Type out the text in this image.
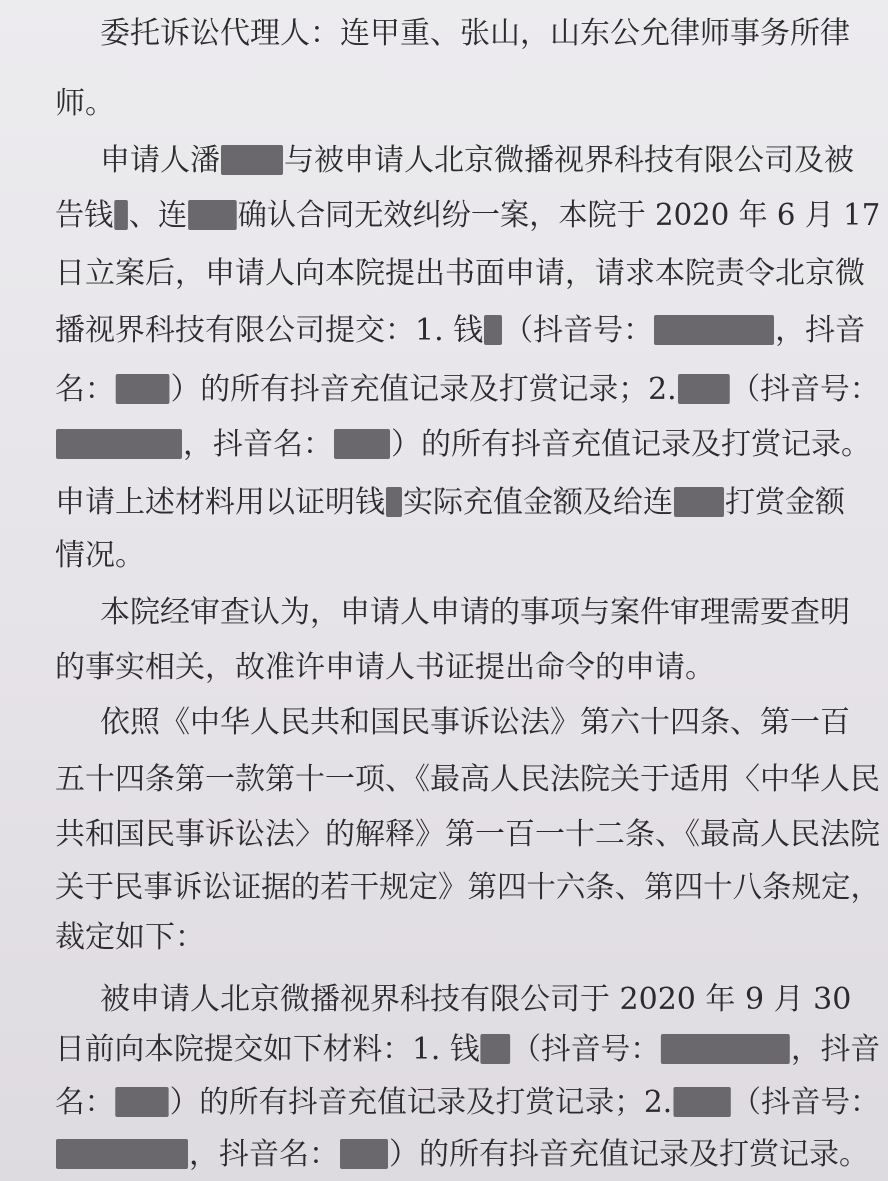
委托诉讼代理人：连甲重、张山，山东公允律师事务所律
师。
申请人潘 与被申请人北京微播视界科技有限公司及被
告钱 、连 确认合同无效纠纷一案，本院于 2020 年 6 月 17
日立案后，申请人向本院提出书面申请，请求本院责令北京微
播视界科技有限公司提交：1. 钱 （抖音号：	，抖音
名： ）的所有抖音充值记录及打赏记录；2. （抖音号：
，抖音名： ）的所有抖音充值记录及打赏记录。
申请上述材料用以证明钱 实际充值金额及给连 打赏金额
情况。
本院经审查认为，申请人申请的事项与案件审理需要查明
的事实相关，故准许申请人书证提出命令的申请。
依照《中华人民共和国民事诉讼法》第六十四条、第一百
五十四条第一款第十一项、《最高人民法院关于适用〈中华人民
共和国民事诉讼法〉的解释》第一百一十二条、《最高人民法院
关于民事诉讼证据的若干规定》第四十六条、第四十八条规定，
裁定如下：
被申请人北京微播视界科技有限公司于 2020 年 9 月 30
日前向本院提交如下材料：1. 钱 （抖音号：	，抖音
名： ）的所有抖音充值记录及打赏记录；2. （抖音号：
，抖音名： ）的所有抖音充值记录及打赏记录。
